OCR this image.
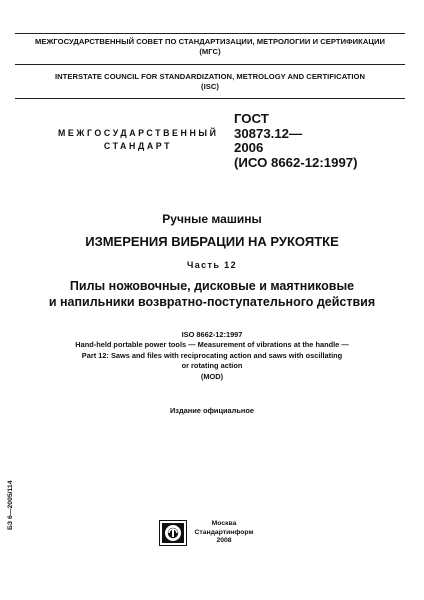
МЕЖГОСУДАРСТВЕННЫЙ СОВЕТ ПО СТАНДАРТИЗАЦИИ, МЕТРОЛОГИИ И СЕРТИФИКАЦИИ
(МГС)
INTERSTATE COUNCIL FOR STANDARDIZATION, METROLOGY AND CERTIFICATION
(ISC)
МЕЖГОСУДАРСТВЕННЫЙ
СТАНДАРТ
ГОСТ
30873.12—
2006
(ИСО 8662-12:1997)
Ручные машины
ИЗМЕРЕНИЯ ВИБРАЦИИ НА РУКОЯТКЕ
Часть 12
Пилы ножовочные, дисковые и маятниковые
и напильники возвратно-поступательного действия
ISO 8662-12:1997
Hand-held portable power tools — Measurement of vibrations at the handle —
Part 12: Saws and files with reciprocating action and saws with oscillating
or rotating action
(MOD)
Издание официальное
БЗ 6—2005/114	Москва
Стандартинформ
2008
